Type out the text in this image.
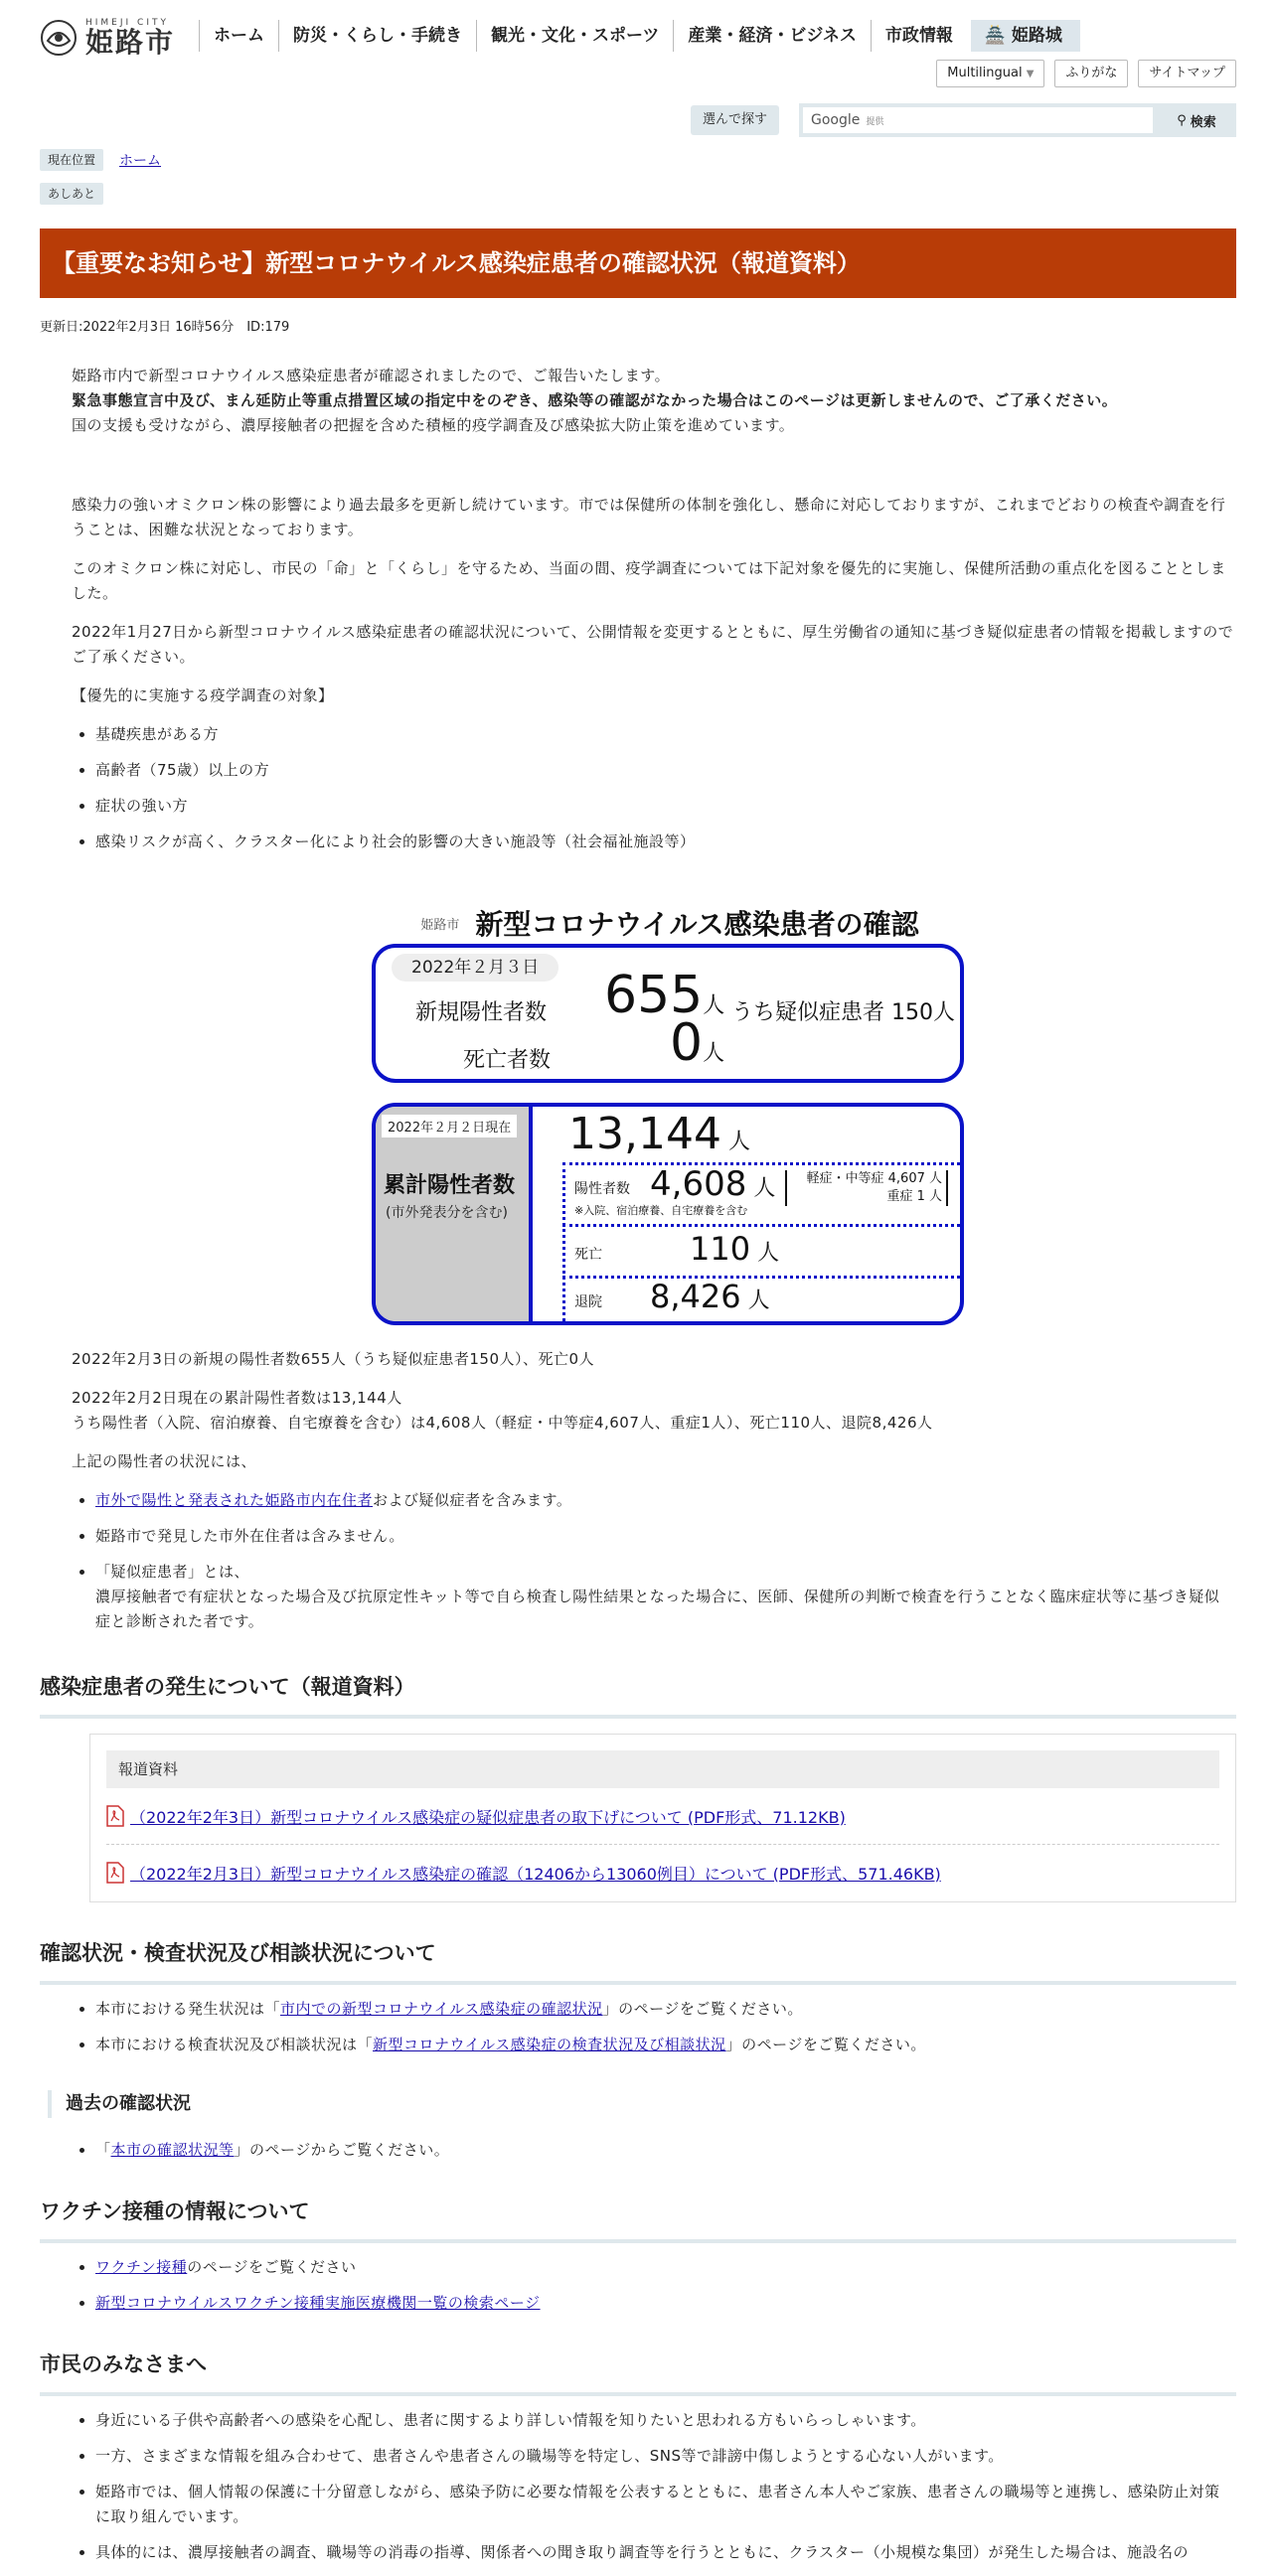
HIMEJI CITY
姫路市	ホーム	防災・くらし・手続き	観光・文化・スポーツ	産業・経済・ビジネス	市政情報	🏯 姫路城
Multilingual ▼	ふりがな	サイトマップ
選んで探す	Google 提供	⚲ 検索
現在位置	ホーム
あしあと
【重要なお知らせ】新型コロナウイルス感染症患者の確認状況（報道資料）
更新日:2022年2月3日 16時56分　ID:179
姫路市内で新型コロナウイルス感染症患者が確認されましたので、ご報告いたします。
緊急事態宣言中及び、まん延防止等重点措置区域の指定中をのぞき、感染等の確認がなかった場合はこのページは更新しませんので、ご了承ください。
国の支援も受けながら、濃厚接触者の把握を含めた積極的疫学調査及び感染拡大防止策を進めています。

感染力の強いオミクロン株の影響により過去最多を更新し続けています。市では保健所の体制を強化し、懸命に対応しておりますが、これまでどおりの検査や調査を行うことは、困難な状況となっております。

このオミクロン株に対応し、市民の「命」と「くらし」を守るため、当面の間、疫学調査については下記対象を優先的に実施し、保健所活動の重点化を図ることとしました。

2022年1月27日から新型コロナウイルス感染症患者の確認状況について、公開情報を変更するとともに、厚生労働省の通知に基づき疑似症患者の情報を掲載しますのでご了承ください。

【優先的に実施する疫学調査の対象】

• 基礎疾患がある方
• 高齢者（75歳）以上の方
• 症状の強い方
• 感染リスクが高く、クラスター化により社会的影響の大きい施設等（社会福祉施設等）
姫路市 新型コロナウイルス感染患者の確認
2022年２月３日
新規陽性者数 655人 うち疑似症患者 150人
死亡者数 0人
2022年２月２日現在
累計陽性者数
(市外発表分を含む)
13,144 人
陽性者数 4,608 人
※入院、宿泊療養、自宅療養を含む
軽症・中等症 4,607 人
重症 1 人
死亡	110 人
退院 8,426 人

2022年2月3日の新規の陽性者数655人（うち疑似症患者150人）、死亡0人

2022年2月2日現在の累計陽性者数は13,144人

うち陽性者（入院、宿泊療養、自宅療養を含む）は4,608人（軽症・中等症4,607人、重症1人）、死亡110人、退院8,426人

上記の陽性者の状況には、

• 市外で陽性と発表された姫路市内在住者および疑似症者を含みます。
• 姫路市で発見した市外在住者は含みません。
• 「疑似症患者」とは、
濃厚接触者で有症状となった場合及び抗原定性キット等で自ら検査し陽性結果となった場合に、医師、保健所の判断で検査を行うことなく臨床症状等に基づき疑似症と診断された者です。
感染症患者の発生について（報道資料）
報道資料
（2022年2年3日）新型コロナウイルス感染症の疑似症患者の取下げについて (PDF形式、71.12KB)
（2022年2月3日）新型コロナウイルス感染症の確認（12406から13060例目）について (PDF形式、571.46KB)
確認状況・検査状況及び相談状況について
• 本市における発生状況は「市内での新型コロナウイルス感染症の確認状況」のページをご覧ください。
• 本市における検査状況及び相談状況は「新型コロナウイルス感染症の検査状況及び相談状況」のページをご覧ください。
過去の確認状況
• 「本市の確認状況等」のページからご覧ください。
ワクチン接種の情報について
• ワクチン接種のページをご覧ください
• 新型コロナウイルスワクチン接種実施医療機関一覧の検索ページ
市民のみなさまへ
• 身近にいる子供や高齢者への感染を心配し、患者に関するより詳しい情報を知りたいと思われる方もいらっしゃいます。
• 一方、さまざまな情報を組み合わせて、患者さんや患者さんの職場等を特定し、SNS等で誹謗中傷しようとする心ない人がいます。
• 姫路市では、個人情報の保護に十分留意しながら、感染予防に必要な情報を公表するとともに、患者さん本人やご家族、患者さんの職場等と連携し、感染防止対策に取り組んでいます。
• 具体的には、濃厚接触者の調査、職場等の消毒の指導、関係者への聞き取り調査等を行うとともに、クラスター（小規模な集団）が発生した場合は、施設名の
